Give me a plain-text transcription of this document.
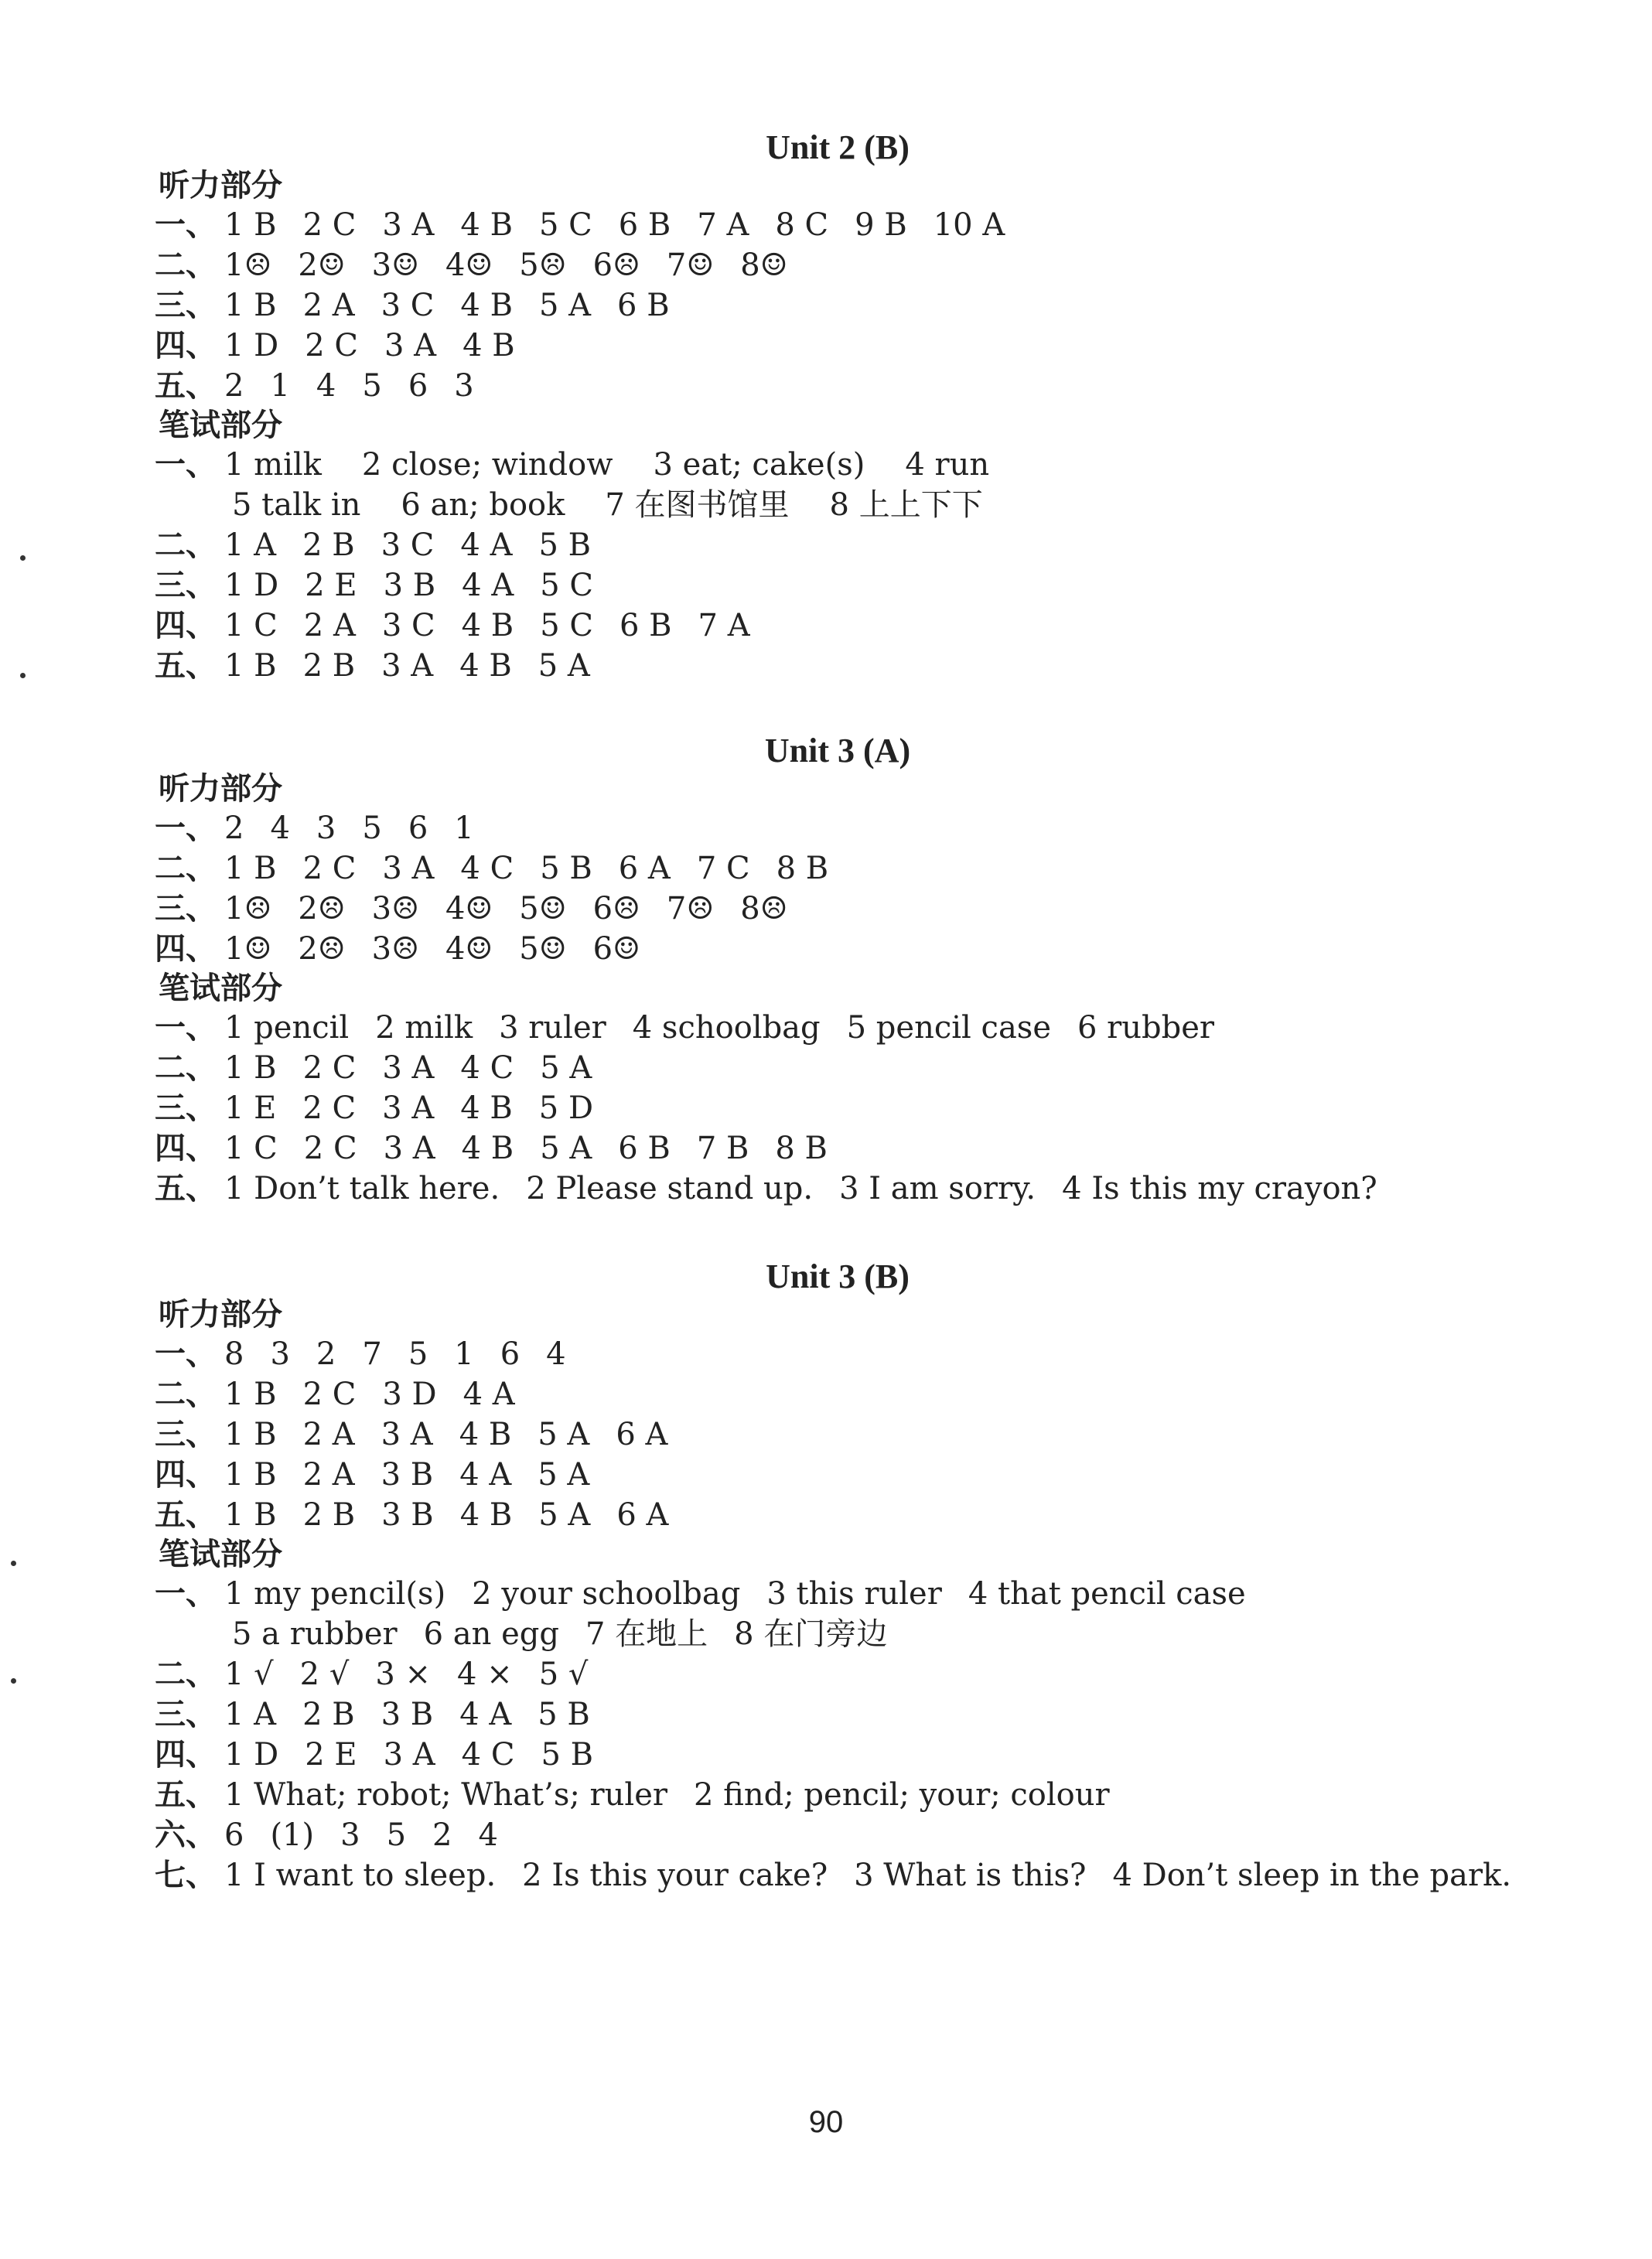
90
Unit 2 (B)
听力部分
一、 1 B 2 C 3 A 4 B 5 C 6 B 7 A 8 C 9 B 10 A
二、 1☹ 2☺ 3☺ 4☺ 5☹ 6☹ 7☺ 8☺
三、 1 B 2 A 3 C 4 B 5 A 6 B
四、 1 D 2 C 3 A 4 B
五、 2 1 4 5 6 3
笔试部分
一、 1 milk 2 close; window 3 eat; cake(s) 4 run
5 talk in 6 an; book 7 在图书馆里 8 上上下下
二、 1 A 2 B 3 C 4 A 5 B
三、 1 D 2 E 3 B 4 A 5 C
四、 1 C 2 A 3 C 4 B 5 C 6 B 7 A
五、 1 B 2 B 3 A 4 B 5 A
Unit 3 (A)
听力部分
一、 2 4 3 5 6 1
二、 1 B 2 C 3 A 4 C 5 B 6 A 7 C 8 B
三、 1☹ 2☹ 3☹ 4☺ 5☺ 6☹ 7☹ 8☹
四、 1☺ 2☹ 3☹ 4☺ 5☺ 6☺
笔试部分
一、 1 pencil 2 milk 3 ruler 4 schoolbag 5 pencil case 6 rubber
二、 1 B 2 C 3 A 4 C 5 A
三、 1 E 2 C 3 A 4 B 5 D
四、 1 C 2 C 3 A 4 B 5 A 6 B 7 B 8 B
五、 1 Don’t talk here. 2 Please stand up. 3 I am sorry. 4 Is this my crayon?
Unit 3 (B)
听力部分
一、 8 3 2 7 5 1 6 4
二、 1 B 2 C 3 D 4 A
三、 1 B 2 A 3 A 4 B 5 A 6 A
四、 1 B 2 A 3 B 4 A 5 A
五、 1 B 2 B 3 B 4 B 5 A 6 A
笔试部分
一、 1 my pencil(s) 2 your schoolbag 3 this ruler 4 that pencil case
5 a rubber 6 an egg 7 在地上 8 在门旁边
二、 1 √ 2 √ 3 × 4 × 5 √
三、 1 A 2 B 3 B 4 A 5 B
四、 1 D 2 E 3 A 4 C 5 B
五、 1 What; robot; What’s; ruler 2 find; pencil; your; colour
六、 6 (1) 3 5 2 4
七、 1 I want to sleep. 2 Is this your cake? 3 What is this? 4 Don’t sleep in the park.
